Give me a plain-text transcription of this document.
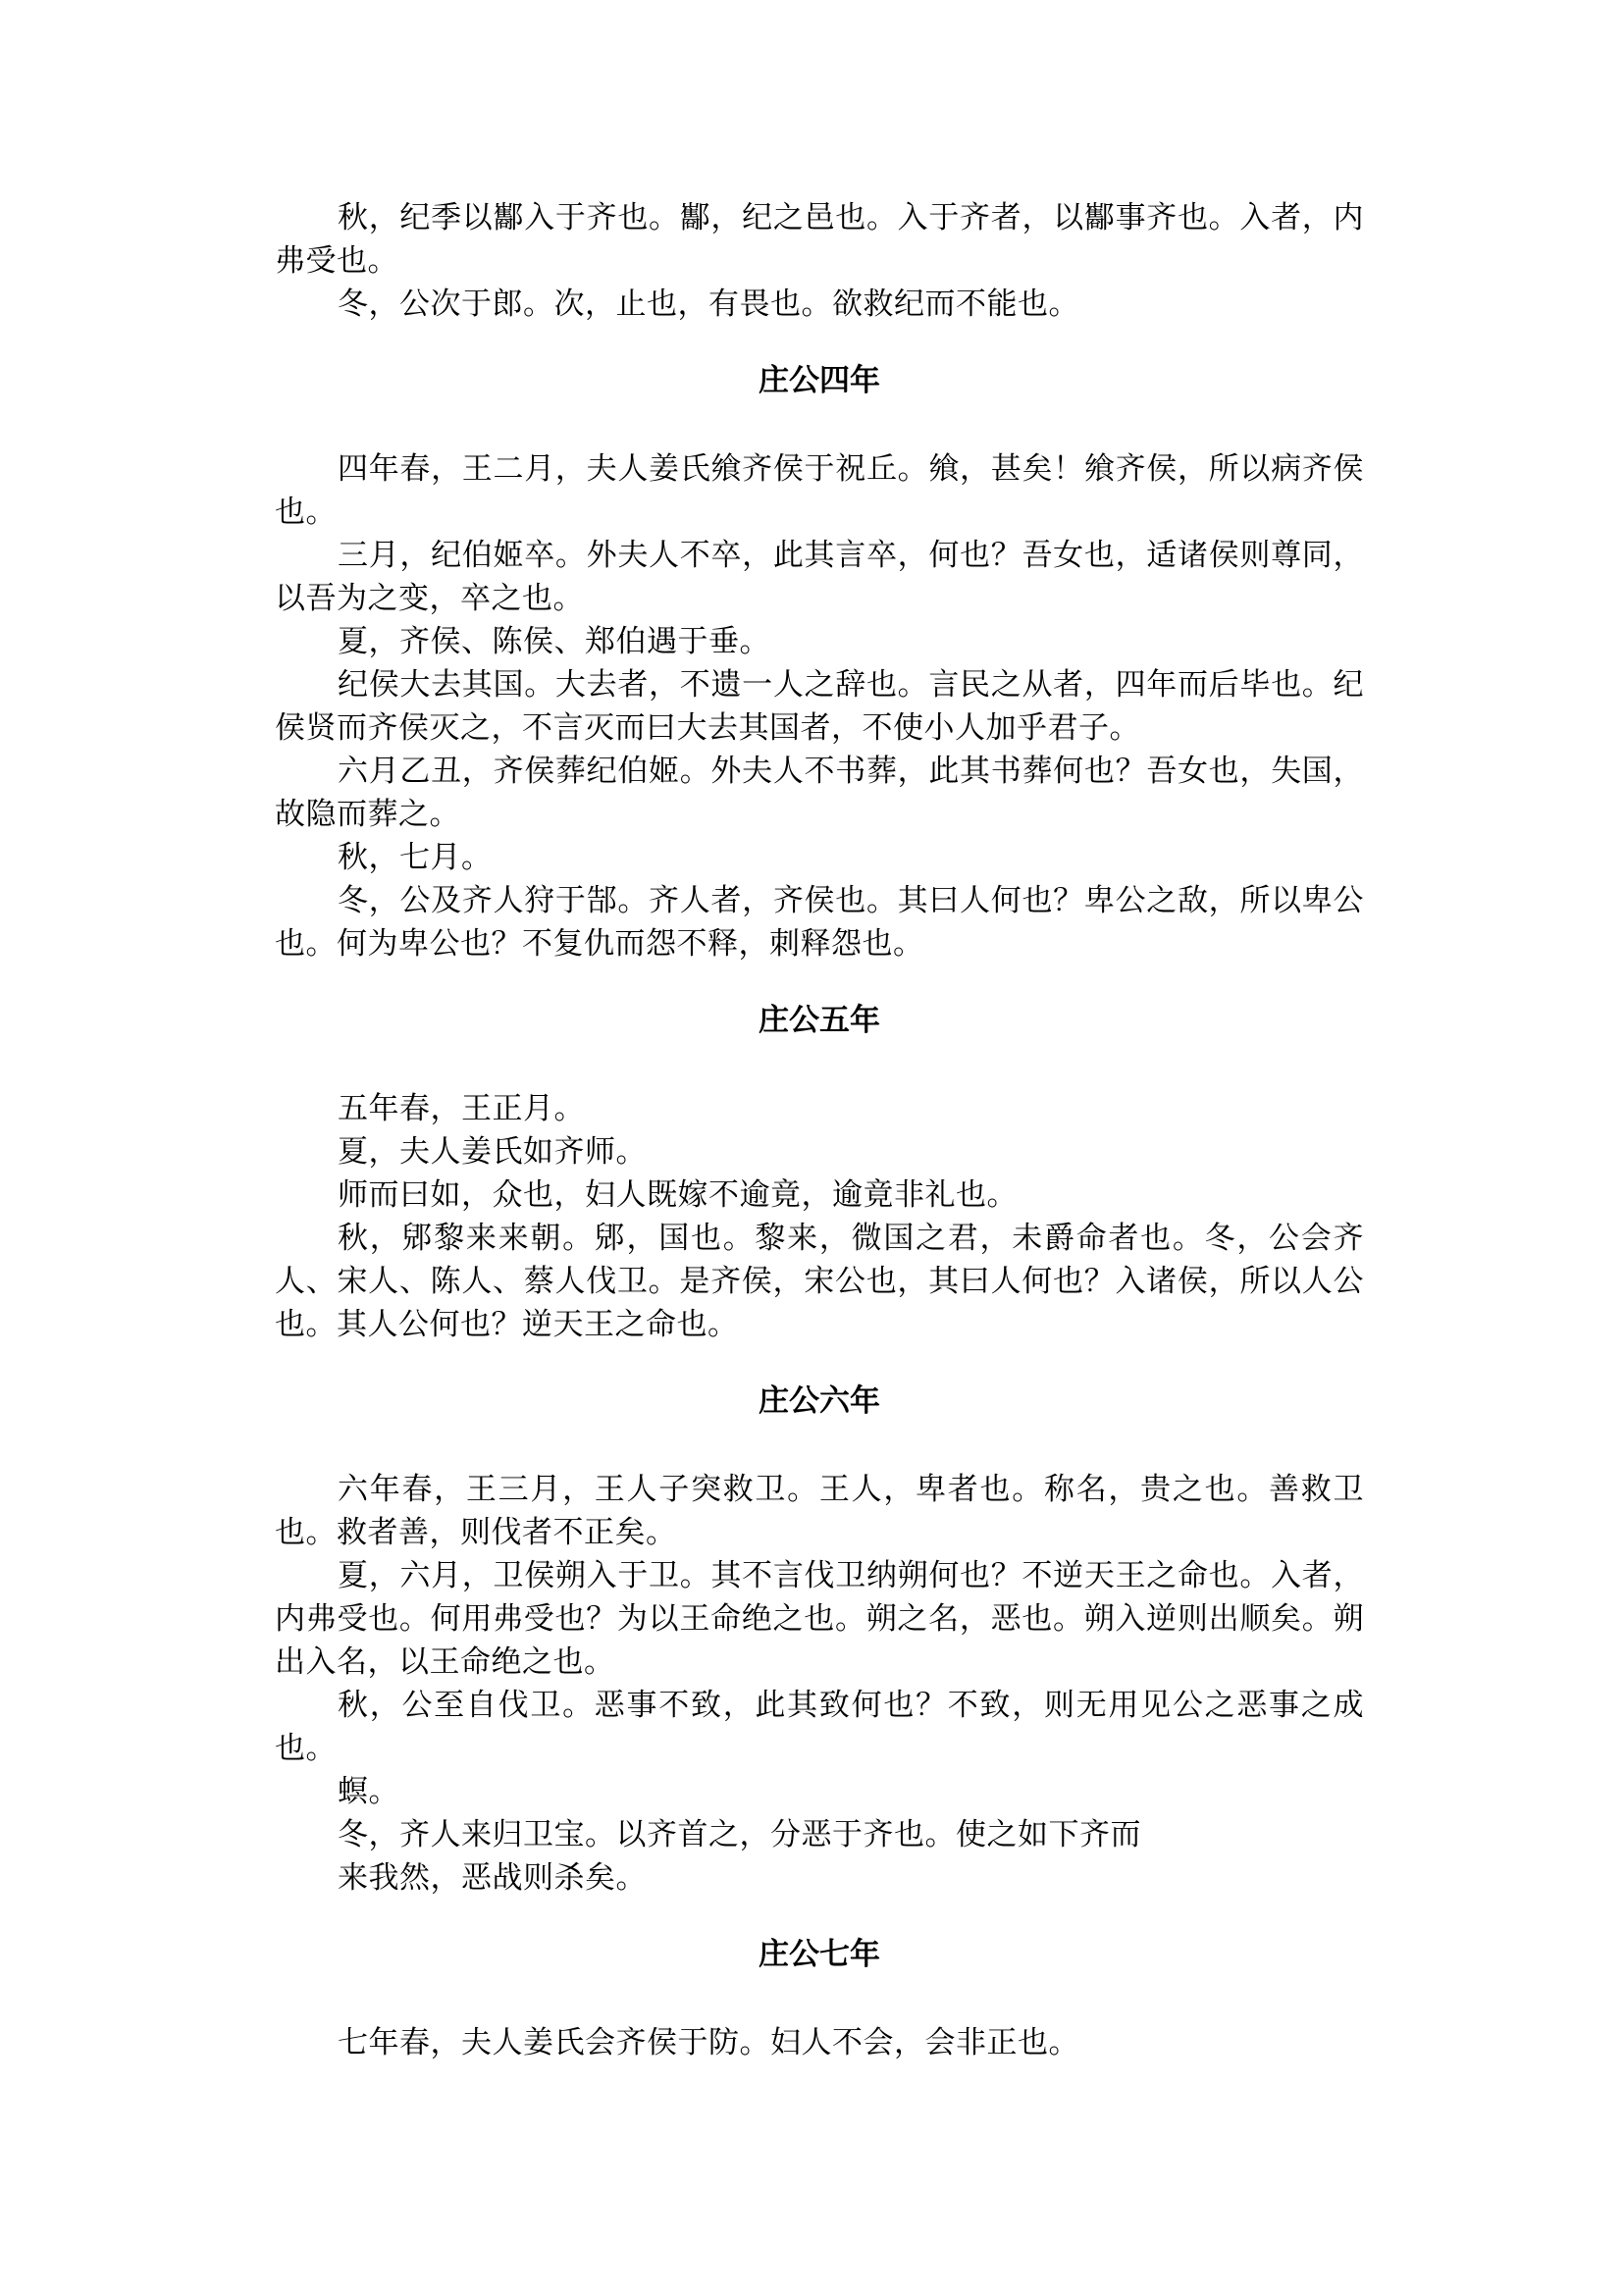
秋，纪季以酅入于齐也。酅，纪之邑也。入于齐者，以酅事齐也。入者，内弗受也。

冬，公次于郎。次，止也，有畏也。欲救纪而不能也。

庄公四年

四年春，王二月，夫人姜氏飨齐侯于祝丘。飨，甚矣！飨齐侯，所以病齐侯也。

三月，纪伯姬卒。外夫人不卒，此其言卒，何也？吾女也，适诸侯则尊同，以吾为之变，卒之也。

夏，齐侯、陈侯、郑伯遇于垂。

纪侯大去其国。大去者，不遗一人之辞也。言民之从者，四年而后毕也。纪侯贤而齐侯灭之，不言灭而曰大去其国者，不使小人加乎君子。

六月乙丑，齐侯葬纪伯姬。外夫人不书葬，此其书葬何也？吾女也，失国，故隐而葬之。

秋，七月。

冬，公及齐人狩于郜。齐人者，齐侯也。其曰人何也？卑公之敌，所以卑公也。何为卑公也？不复仇而怨不释，刺释怨也。

庄公五年

五年春，王正月。

夏，夫人姜氏如齐师。

师而曰如，众也，妇人既嫁不逾竟，逾竟非礼也。

秋，郳黎来来朝。郳，国也。黎来，微国之君，未爵命者也。冬，公会齐人、宋人、陈人、蔡人伐卫。是齐侯，宋公也，其曰人何也？入诸侯，所以人公也。其人公何也？逆天王之命也。

庄公六年

六年春，王三月，王人子突救卫。王人，卑者也。称名，贵之也。善救卫也。救者善，则伐者不正矣。

夏，六月，卫侯朔入于卫。其不言伐卫纳朔何也？不逆天王之命也。入者，内弗受也。何用弗受也？为以王命绝之也。朔之名，恶也。朔入逆则出顺矣。朔出入名，以王命绝之也。

秋，公至自伐卫。恶事不致，此其致何也？不致，则无用见公之恶事之成也。

螟。

冬，齐人来归卫宝。以齐首之，分恶于齐也。使之如下齐而

来我然，恶战则杀矣。

庄公七年

七年春，夫人姜氏会齐侯于防。妇人不会，会非正也。
